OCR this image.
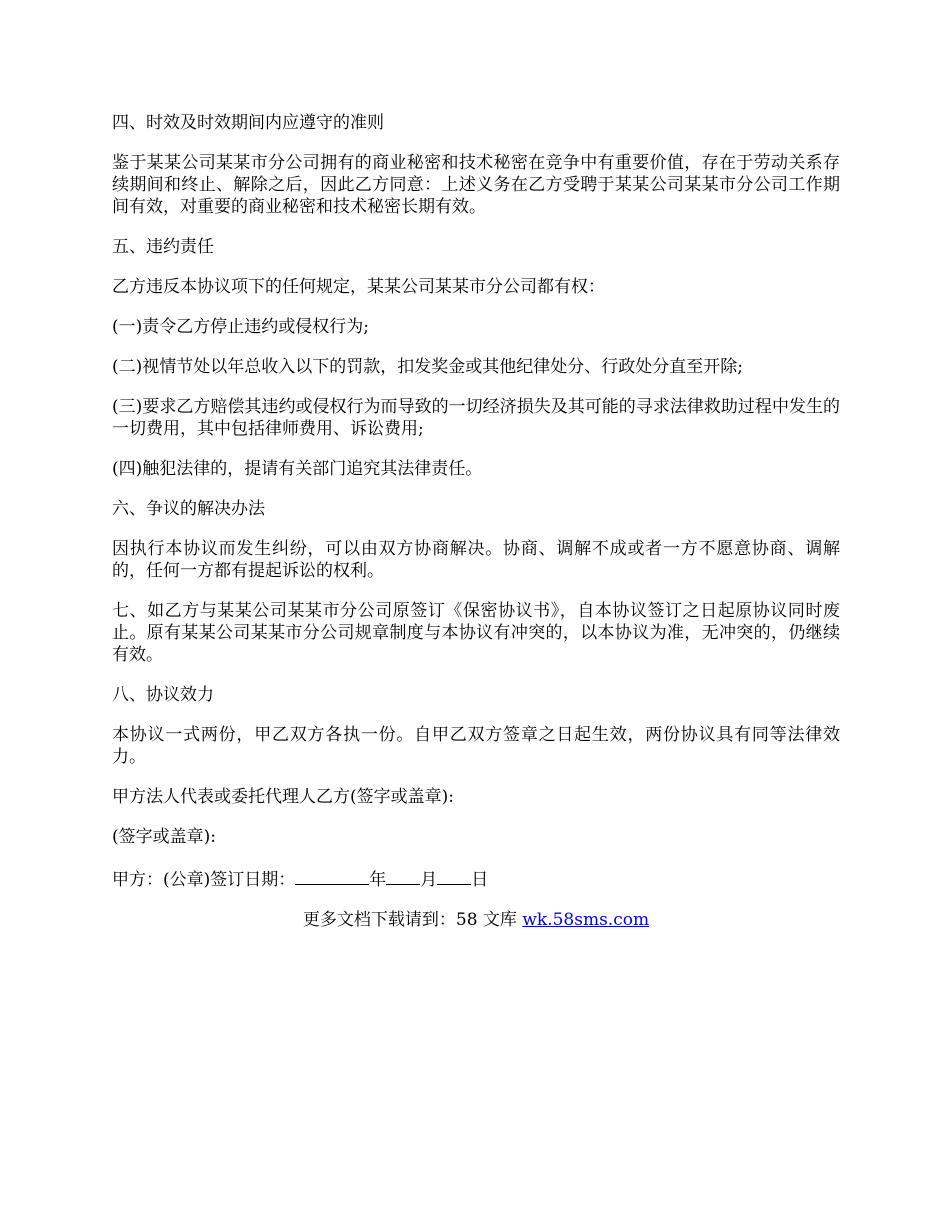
四、时效及时效期间内应遵守的准则

鉴于某某公司某某市分公司拥有的商业秘密和技术秘密在竞争中有重要价值，存在于劳动关系存续期间和终止、解除之后，因此乙方同意：上述义务在乙方受聘于某某公司某某市分公司工作期间有效，对重要的商业秘密和技术秘密长期有效。

五、违约责任

乙方违反本协议项下的任何规定，某某公司某某市分公司都有权：

(一)责令乙方停止违约或侵权行为;

(二)视情节处以年总收入以下的罚款，扣发奖金或其他纪律处分、行政处分直至开除;

(三)要求乙方赔偿其违约或侵权行为而导致的一切经济损失及其可能的寻求法律救助过程中发生的一切费用，其中包括律师费用、诉讼费用;

(四)触犯法律的，提请有关部门追究其法律责任。

六、争议的解决办法

因执行本协议而发生纠纷，可以由双方协商解决。协商、调解不成或者一方不愿意协商、调解的，任何一方都有提起诉讼的权利。

七、如乙方与某某公司某某市分公司原签订《保密协议书》，自本协议签订之日起原协议同时废止。原有某某公司某某市分公司规章制度与本协议有冲突的，以本协议为准，无冲突的，仍继续有效。

八、协议效力

本协议一式两份，甲乙双方各执一份。自甲乙双方签章之日起生效，两份协议具有同等法律效力。

甲方法人代表或委托代理人乙方(签字或盖章):

(签字或盖章):

甲方：(公章)签订日期：	年 月 日

更多文档下载请到：58 文库 wk.58sms.com
